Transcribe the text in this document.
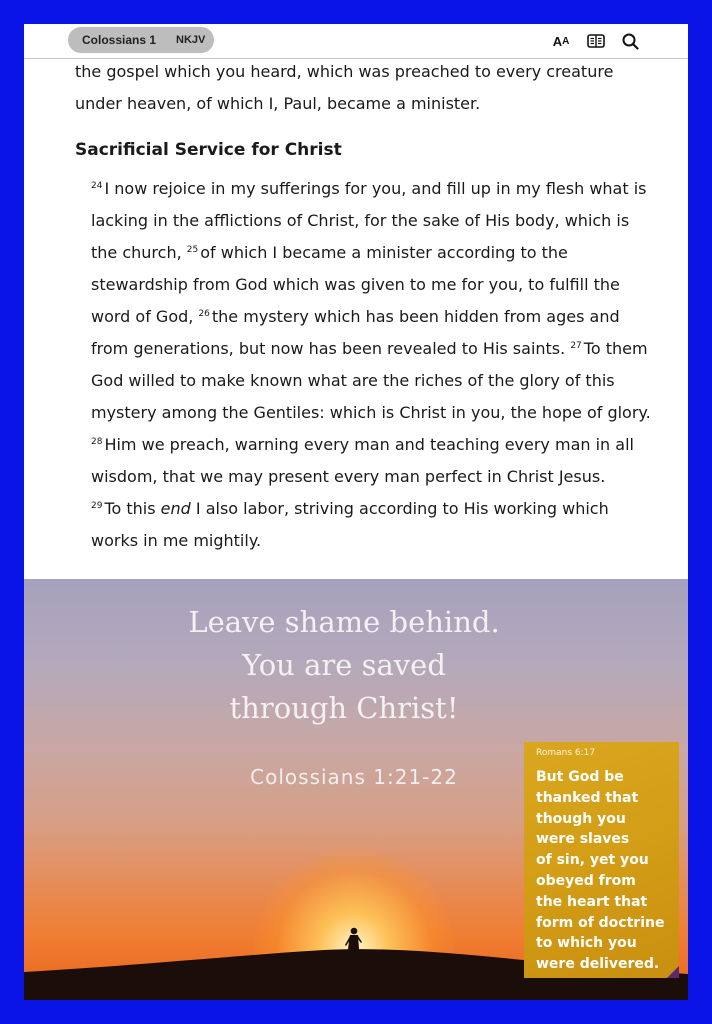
Colossians 1	NKJV	A A

the gospel which you heard, which was preached to every creature
under heaven, of which I, Paul, became a minister.

Sacrificial Service for Christ

$^{24}$ I now rejoice in my sufferings for you, and fill up in my flesh what is lacking in the afflictions of Christ, for the sake of His body, which is the church, $^{25}$ of which I became a minister according to the stewardship from God which was given to me for you, to fulfill the word of God, $^{26}$ the mystery which has been hidden from ages and from generations, but now has been revealed to His saints. $^{27}$ To them God willed to make known what are the riches of the glory of this mystery among the Gentiles: which is Christ in you, the hope of glory. $^{28}$ Him we preach, warning every man and teaching every man in all wisdom, that we may present every man perfect in Christ Jesus.
$^{29}$ To this end I also labor, striving according to His working which works in me mightily.

Leave shame behind.
You are saved
through Christ!
Colossians 1:21-22
Romans 6:17
But God be
thanked that
though you
were slaves
of sin, yet you
obeyed from
the heart that
form of doctrine
to which you
were delivered.
